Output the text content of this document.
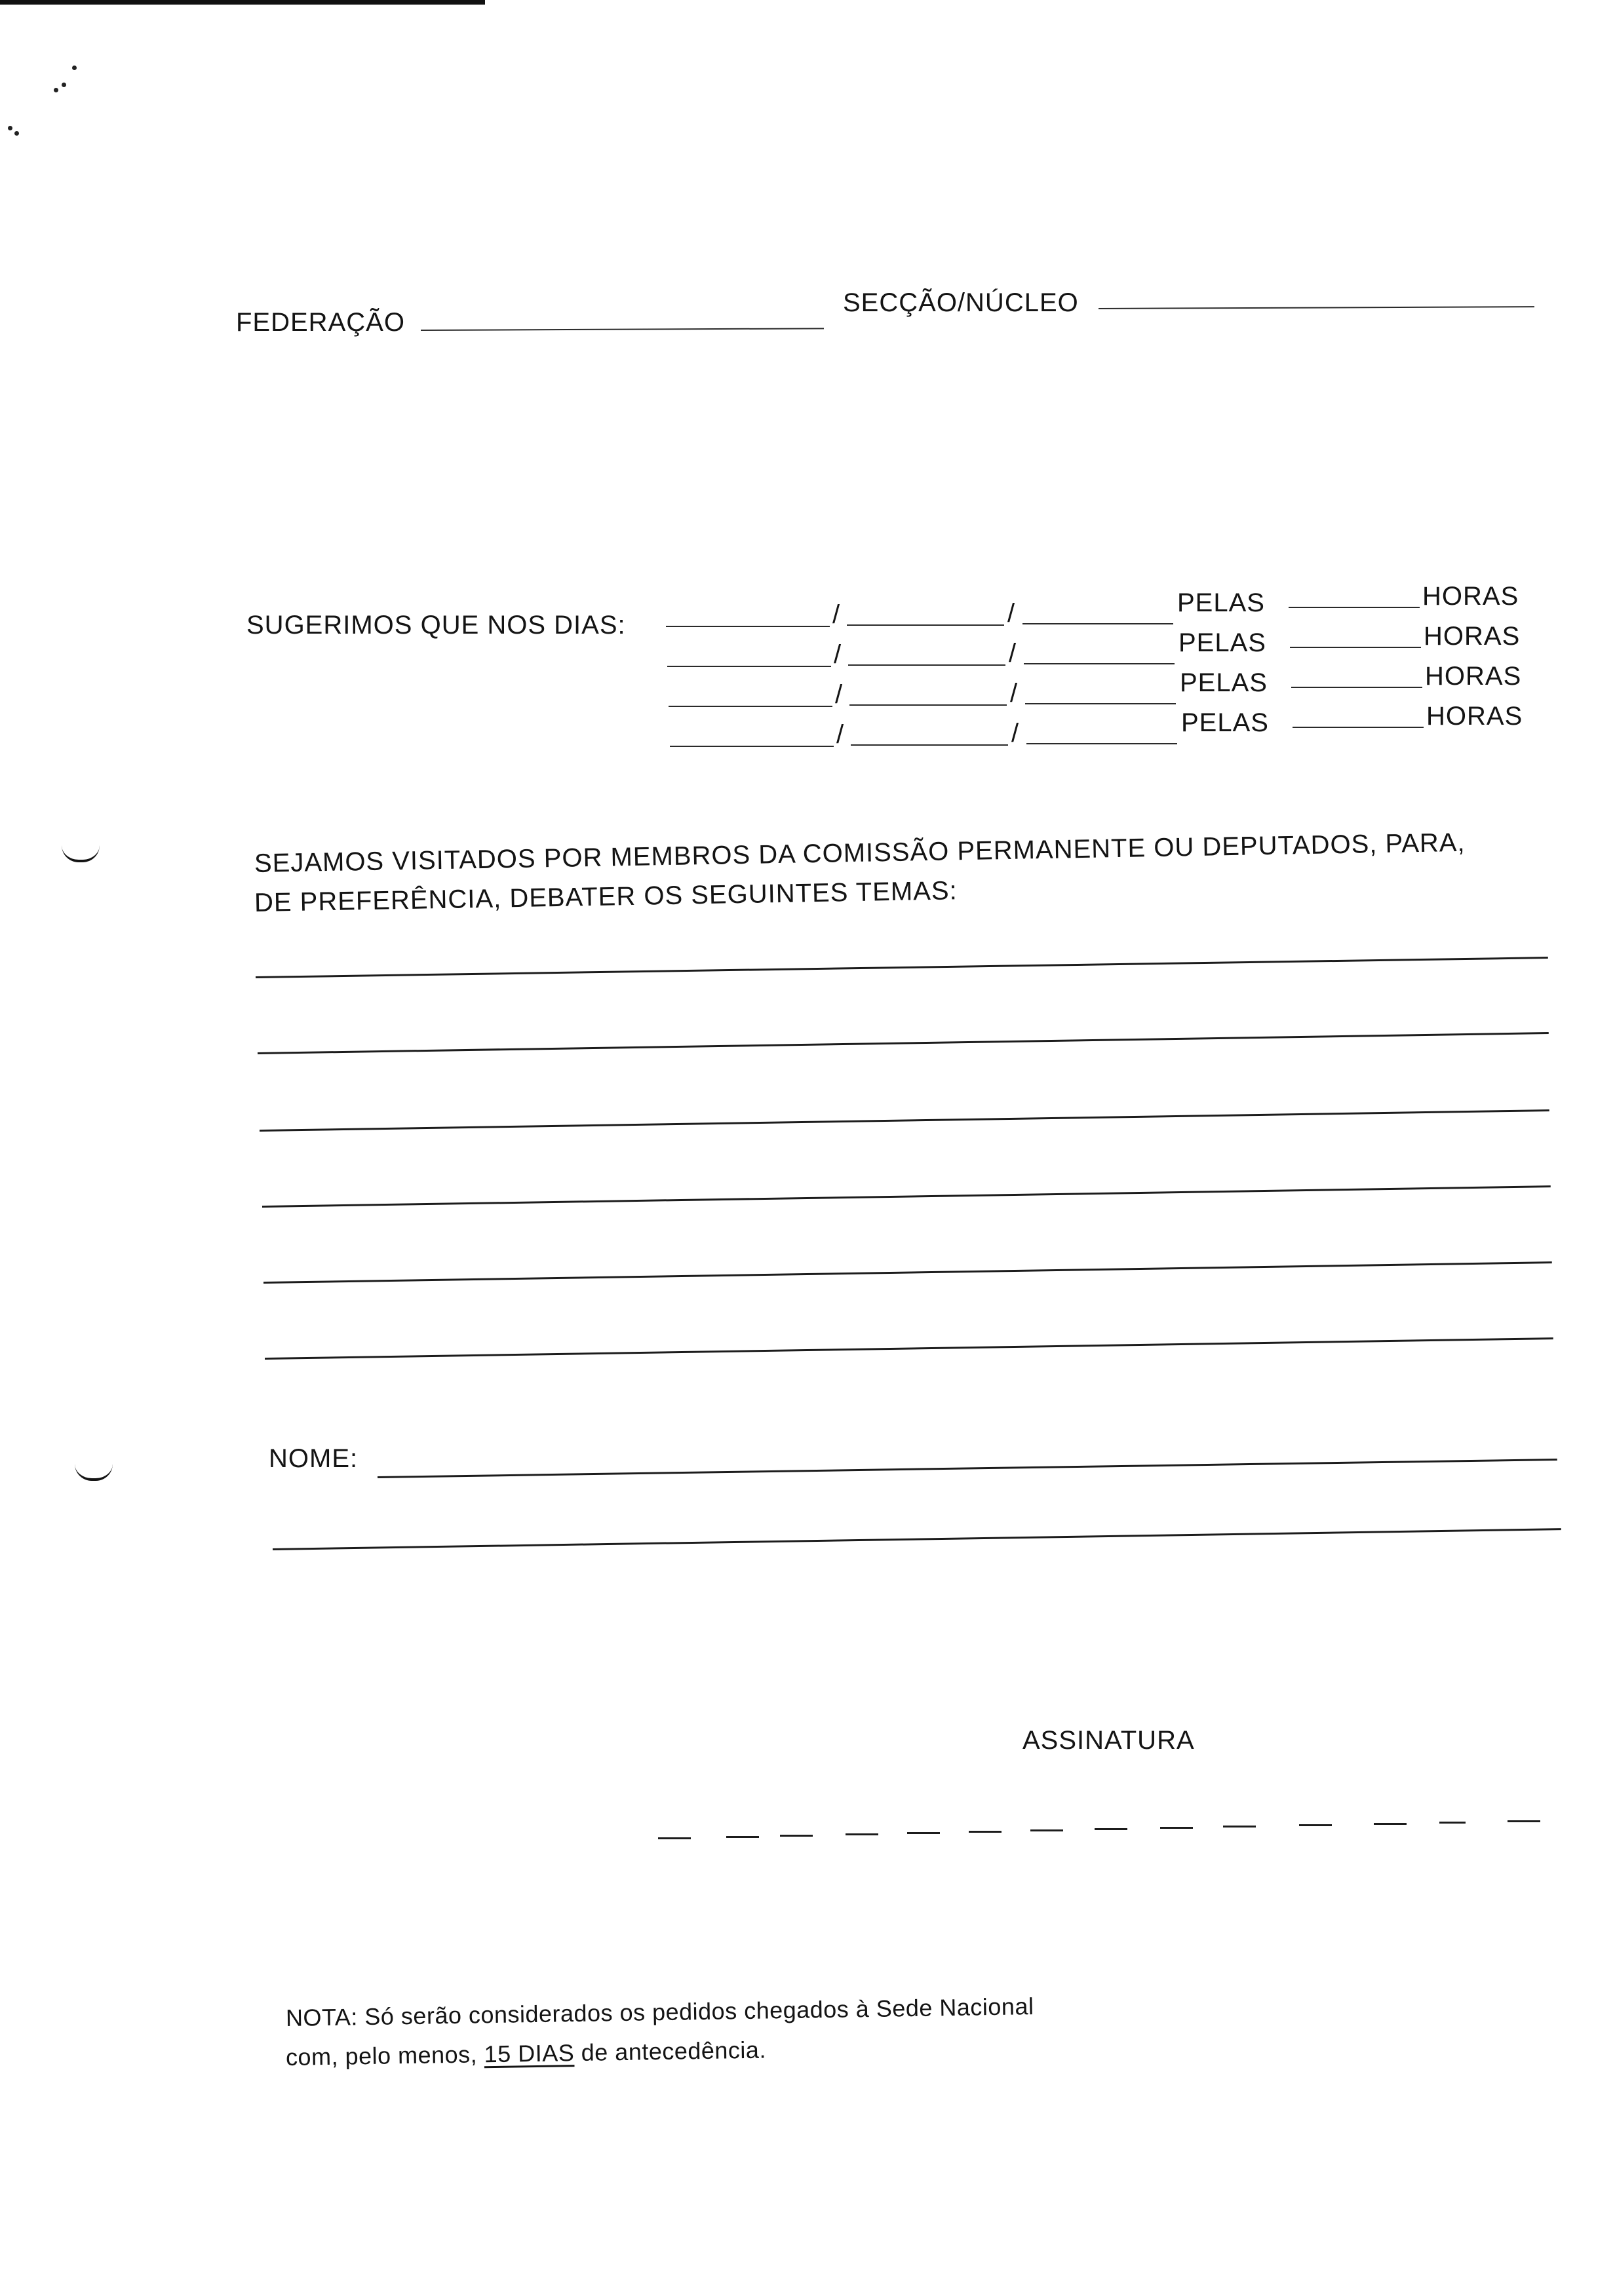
FEDERAÇÃO
SECÇÃO/NÚCLEO
SUGERIMOS QUE NOS DIAS:	/	/	PELAS	HORAS
/	/	PELAS	HORAS
/	/	PELAS	HORAS
/	/	PELAS	HORAS
SEJAMOS VISITADOS POR MEMBROS DA COMISSÃO PERMANENTE OU DEPUTADOS, PARA,
DE PREFERÊNCIA, DEBATER OS SEGUINTES TEMAS:
NOME:
ASSINATURA
NOTA: Só serão considerados os pedidos chegados à Sede Nacional
com, pelo menos, 15 DIAS de antecedência.
